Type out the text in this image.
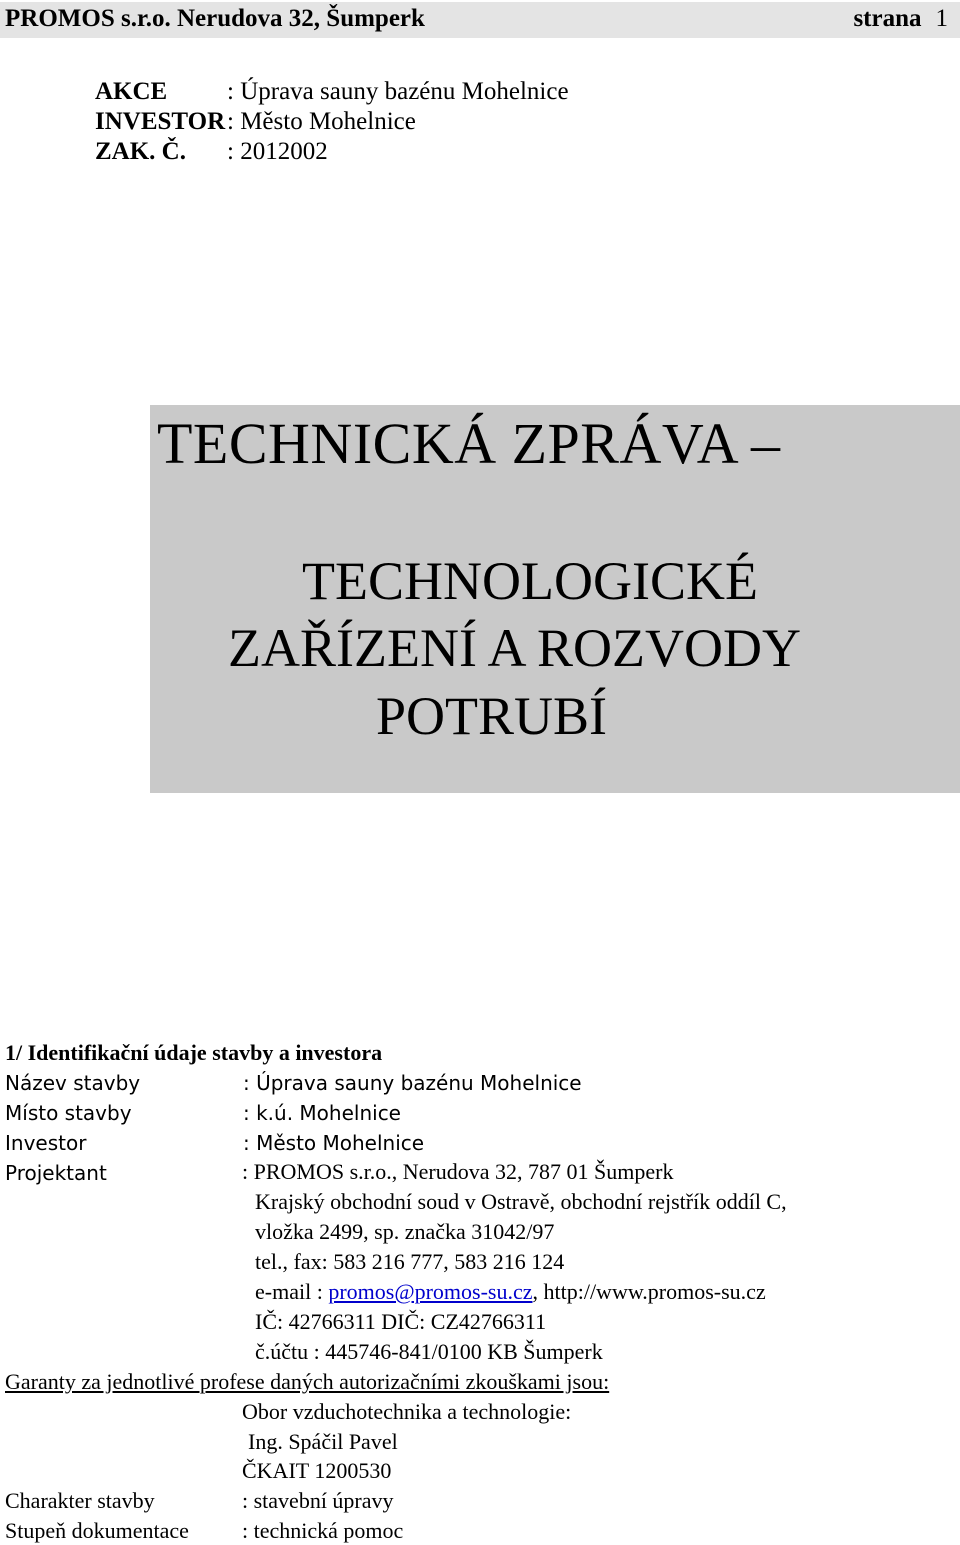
PROMOS s.r.o. Nerudova 32, Šumperk	strana 1
AKCE : Úprava sauny bazénu Mohelnice
INVESTOR : Město Mohelnice
ZAK. Č. : 2012002
TECHNICKÁ ZPRÁVA –
TECHNOLOGICKÉ
ZAŘÍZENÍ A ROZVODY
POTRUBÍ
1/ Identifikační údaje stavby a investora
Název stavby	: Úprava sauny bazénu Mohelnice
Místo stavby	: k.ú. Mohelnice
Investor	: Město Mohelnice
Projektant	: PROMOS s.r.o., Nerudova 32, 787 01 Šumperk
Krajský obchodní soud v Ostravě, obchodní rejstřík oddíl C,
vložka 2499, sp. značka 31042/97
tel., fax: 583 216 777, 583 216 124
e-mail : promos@promos-su.cz, http://www.promos-su.cz
IČ: 42766311 DIČ: CZ42766311
č.účtu : 445746-841/0100 KB Šumperk
Garanty za jednotlivé profese daných autorizačními zkouškami jsou:
Obor vzduchotechnika a technologie:
Ing. Spáčil Pavel
ČKAIT 1200530
Charakter stavby	: stavební úpravy
Stupeň dokumentace : technická pomoc
